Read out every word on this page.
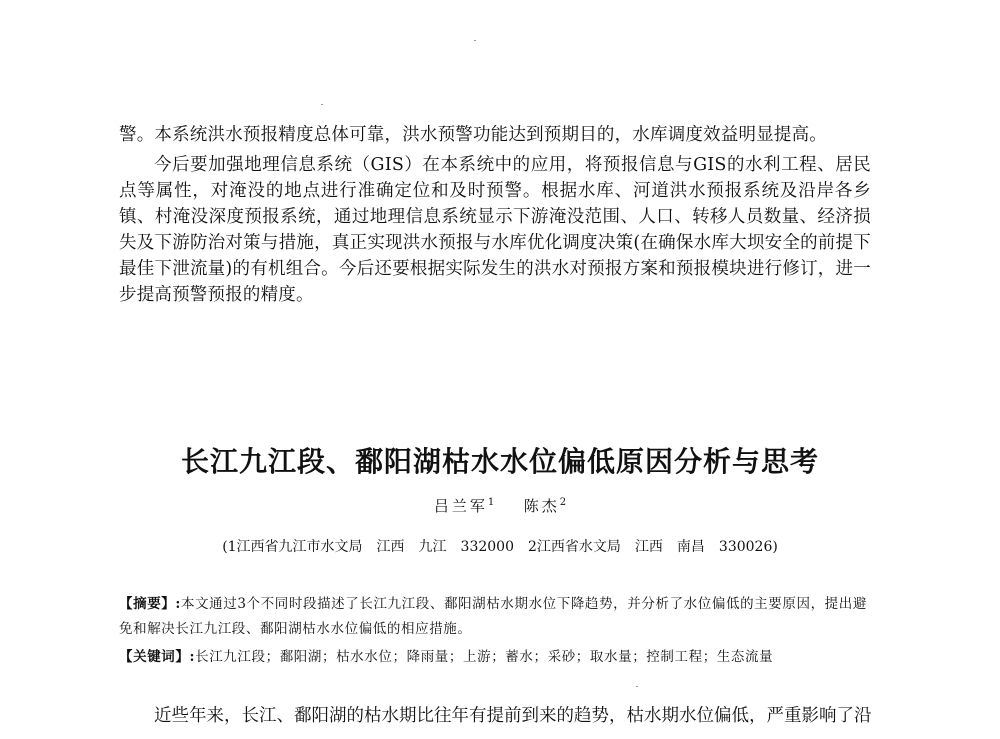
警。本系统洪水预报精度总体可靠，洪水预警功能达到预期目的，水库调度效益明显提高。

今后要加强地理信息系统（GIS）在本系统中的应用，将预报信息与GIS的水利工程、居民点等属性，对淹没的地点进行准确定位和及时预警。根据水库、河道洪水预报系统及沿岸各乡镇、村淹没深度预报系统，通过地理信息系统显示下游淹没范围、人口、转移人员数量、经济损失及下游防治对策与措施，真正实现洪水预报与水库优化调度决策(在确保水库大坝安全的前提下最佳下泄流量)的有机组合。今后还要根据实际发生的洪水对预报方案和预报模块进行修订，进一步提高预警预报的精度。

长江九江段、鄱阳湖枯水水位偏低原因分析与思考
吕兰军$^1$ 陈杰$^2$
(1江西省九江市水文局　江西　九江　332000　2江西省水文局　江西　南昌　330026)

【摘要】:本文通过3个不同时段描述了长江九江段、鄱阳湖枯水期水位下降趋势，并分析了水位偏低的主要原因，提出避免和解决长江九江段、鄱阳湖枯水水位偏低的相应措施。

【关键词】:长江九江段；鄱阳湖；枯水水位；降雨量；上游；蓄水；采砂；取水量；控制工程；生态流量

近些年来，长江、鄱阳湖的枯水期比往年有提前到来的趋势，枯水期水位偏低，严重影响了沿
